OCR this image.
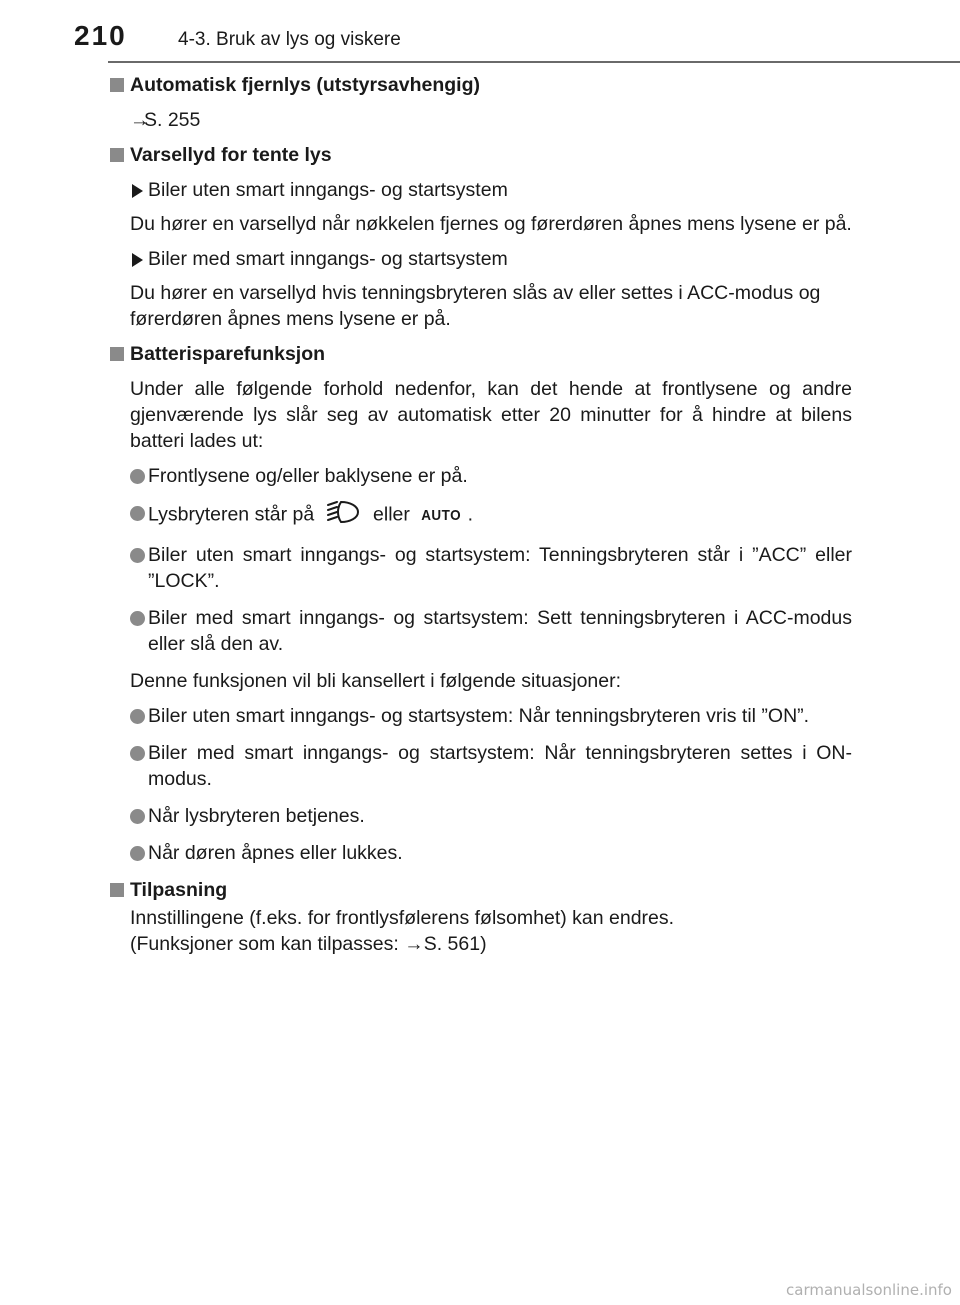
210	4-3. Bruk av lys og viskere
Automatisk fjernlys (utstyrsavhengig)
→S. 255
Varsellyd for tente lys
Biler uten smart inngangs- og startsystem
Du hører en varsellyd når nøkkelen fjernes og førerdøren åpnes mens lysene er på.
Biler med smart inngangs- og startsystem
Du hører en varsellyd hvis tenningsbryteren slås av eller settes i ACC-modus og førerdøren åpnes mens lysene er på.
Batterisparefunksjon
Under alle følgende forhold nedenfor, kan det hende at frontlysene og andre gjenværende lys slår seg av automatisk etter 20 minutter for å hindre at bilens batteri lades ut:
Frontlysene og/eller baklysene er på.
Lysbryteren står på	eller AUTO .
Biler uten smart inngangs- og startsystem: Tenningsbryteren står i ”ACC” eller ”LOCK”.
Biler med smart inngangs- og startsystem: Sett tenningsbryteren i ACC-modus eller slå den av.
Denne funksjonen vil bli kansellert i følgende situasjoner:
Biler uten smart inngangs- og startsystem: Når tenningsbryteren vris til ”ON”.
Biler med smart inngangs- og startsystem: Når tenningsbryteren settes i ON-modus.
Når lysbryteren betjenes.
Når døren åpnes eller lukkes.
Tilpasning
Innstillingene (f.eks. for frontlysfølerens følsomhet) kan endres.
(Funksjoner som kan tilpasses: →S. 561)
carmanualsonline.info
